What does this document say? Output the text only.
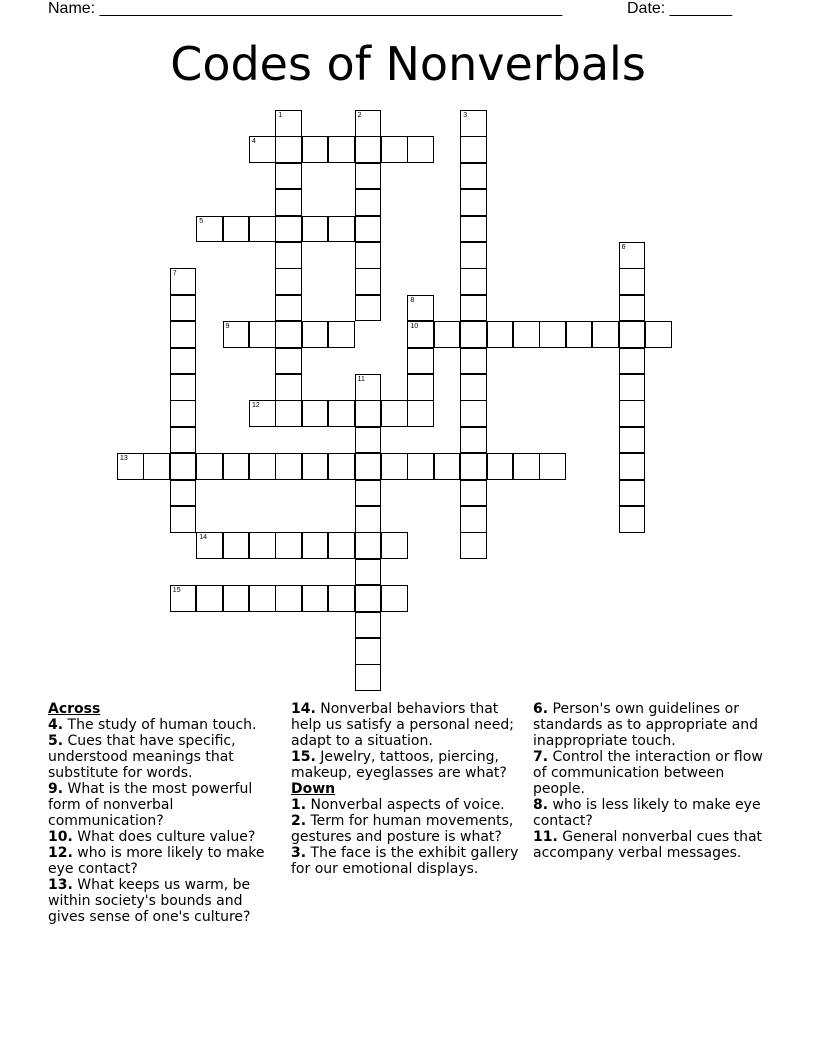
Name: ____________________________________________________	Date: _______
Codes of Nonverbals
1	2	3
4
5
6
7
8
10
9
11
12
13
14
15

Across

4. The study of human touch.

5. Cues that have specific, understood meanings that substitute for words.

9. What is the most powerful form of nonverbal communication?

10. What does culture value?

12. who is more likely to make eye contact?

13. What keeps us warm, be within society's bounds and gives sense of one's culture?

14. Nonverbal behaviors that help us satisfy a personal need; adapt to a situation.

15. Jewelry, tattoos, piercing, makeup, eyeglasses are what?

Down

1. Nonverbal aspects of voice.

2. Term for human movements, gestures and posture is what?

3. The face is the exhibit gallery for our emotional displays.

6. Person's own guidelines or standards as to appropriate and inappropriate touch.

7. Control the interaction or flow of communication between people.

8. who is less likely to make eye contact?

11. General nonverbal cues that accompany verbal messages.
